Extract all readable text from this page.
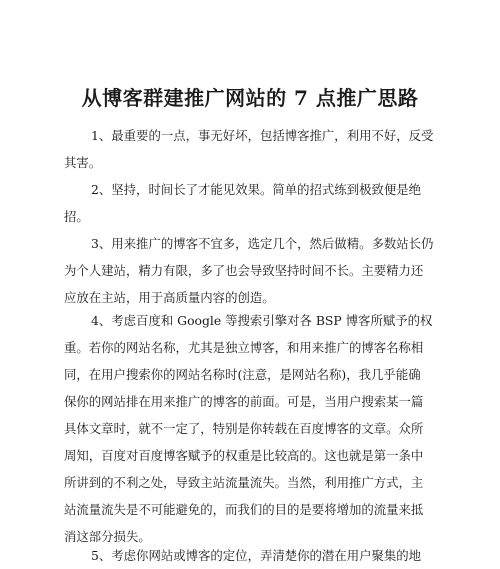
从博客群建推广网站的 7 点推广思路
1、最重要的一点，事无好坏，包括博客推广，利用不好，反受
其害。
2、坚持，时间长了才能见效果。简单的招式练到极致便是绝
招。
3、用来推广的博客不宜多，选定几个，然后做精。多数站长仍
为个人建站，精力有限，多了也会导致坚持时间不长。主要精力还
应放在主站，用于高质量内容的创造。
4、考虑百度和 Google 等搜索引擎对各 BSP 博客所赋予的权
重。若你的网站名称，尤其是独立博客，和用来推广的博客名称相
同，在用户搜索你的网站名称时(注意，是网站名称)，我几乎能确
保你的网站排在用来推广的博客的前面。可是，当用户搜索某一篇
具体文章时，就不一定了，特别是你转载在百度博客的文章。众所
周知，百度对百度博客赋予的权重是比较高的。这也就是第一条中
所讲到的不利之处，导致主站流量流失。当然，利用推广方式，主
站流量流失是不可能避免的，而我们的目的是要将增加的流量来抵
消这部分损失。
5、考虑你网站或博客的定位，弄清楚你的潜在用户聚集的地
